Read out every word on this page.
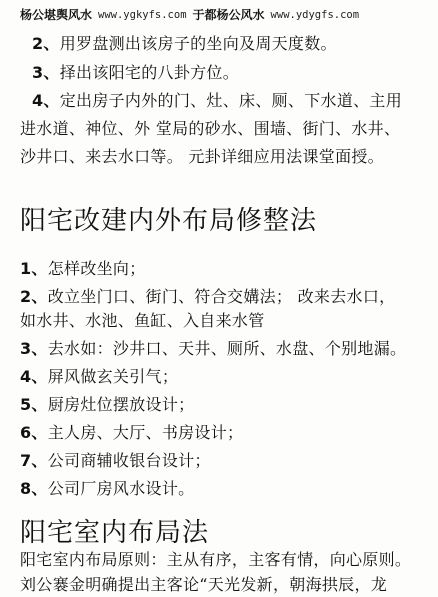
杨公堪舆风水 www.ygkyfs.com 于都杨公风水 www.ydygfs.com
2、用罗盘测出该房子的坐向及周天度数。
3、择出该阳宅的八卦方位。
4、定出房子内外的门、灶、床、厕、下水道、主用
进水道、神位、外 堂局的砂水、围墙、街门、水井、
沙井口、来去水口等。 元卦详细应用法课堂面授。
阳宅改建内外布局修整法
1、怎样改坐向；
2、改立坐门口、街门、符合交媾法； 改来去水口，
如水井、水池、鱼缸、入自来水管
3、去水如：沙井口、天井、厕所、水盘、个别地漏。
4、屏风做玄关引气；
5、厨房灶位摆放设计；
6、主人房、大厅、书房设计；
7、公司商辅收银台设计；
8、公司厂房风水设计。
阳宅室内布局法
阳宅室内布局原则：主从有序，主客有情，向心原则。
刘公褰金明确提出主客论“天光发新，朝海拱辰，龙
